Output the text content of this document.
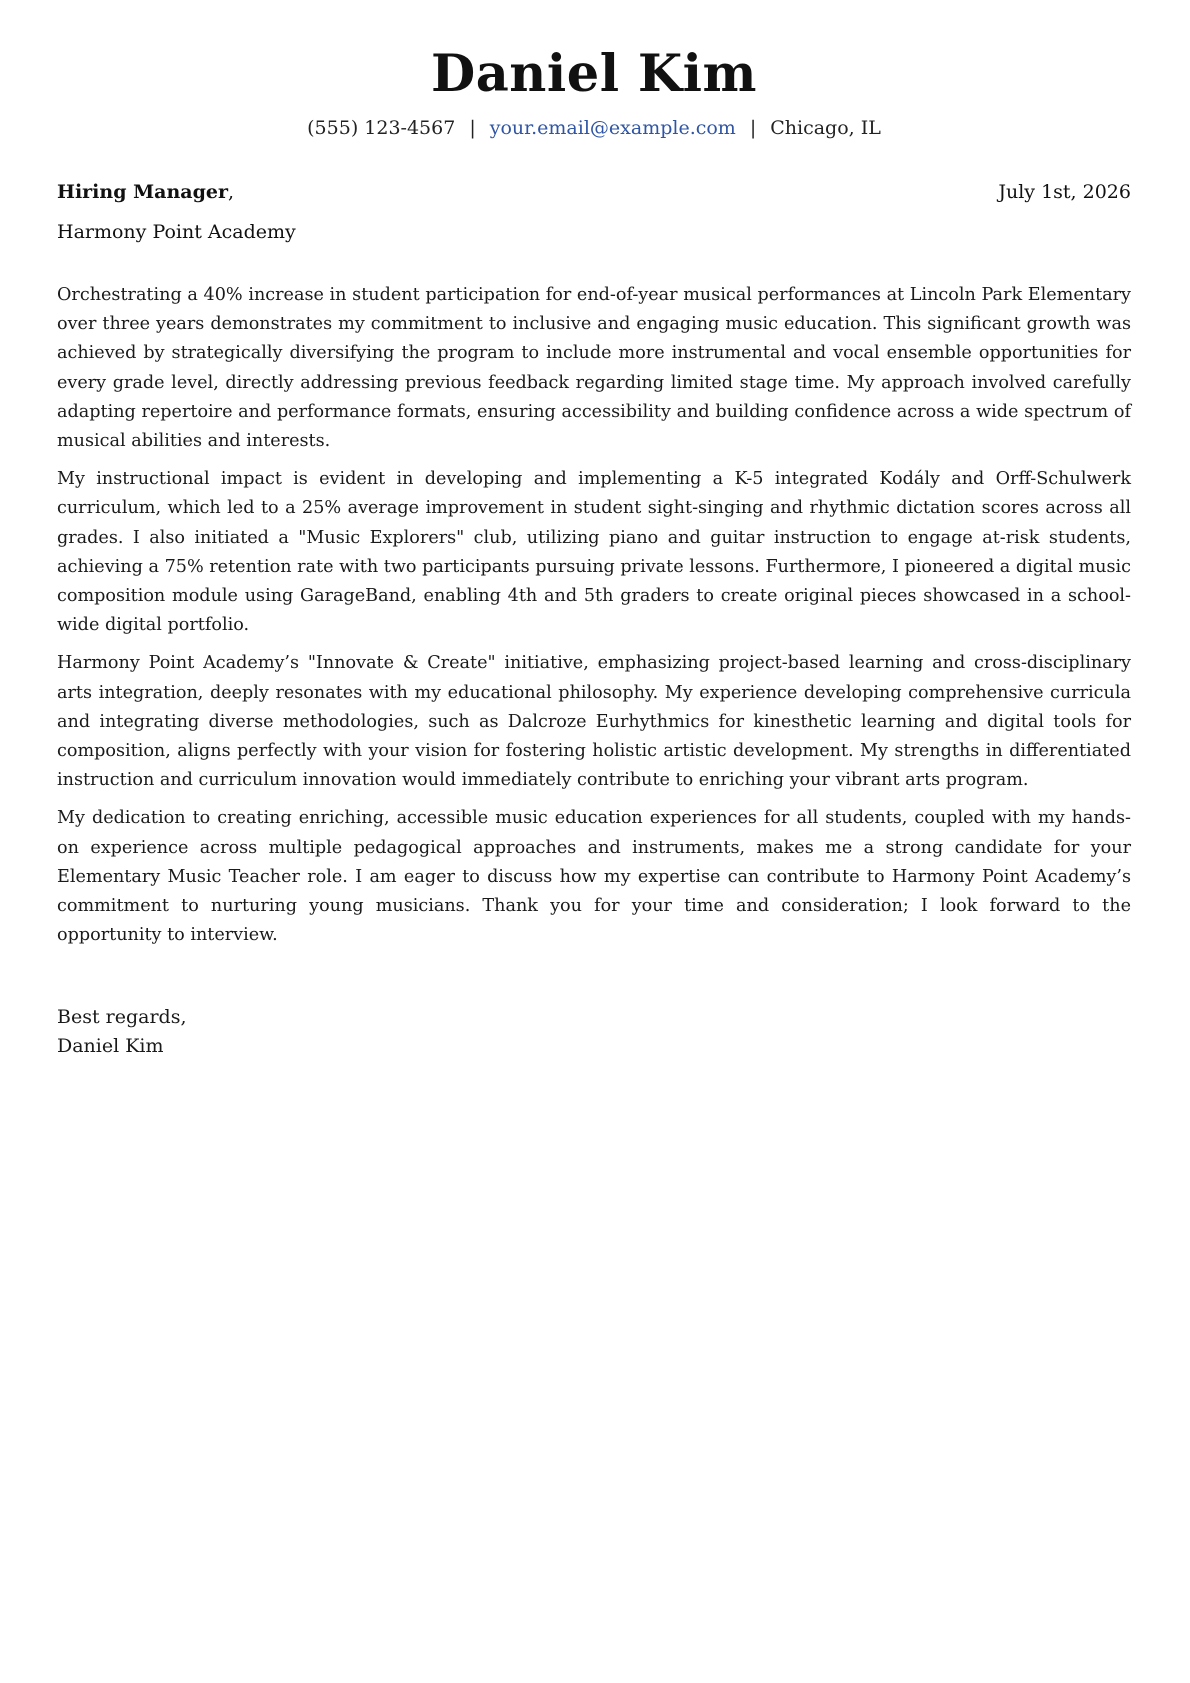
Daniel Kim
(555) 123-4567 | your.email@example.com | Chicago, IL
Hiring Manager,	July 1st, 2026
Harmony Point Academy

Orchestrating a 40% increase in student participation for end-of-year musical performances at Lincoln Park Elementary over three years demonstrates my commitment to inclusive and engaging music education. This significant growth was achieved by strategically diversifying the program to include more instrumental and vocal ensemble opportunities for every grade level, directly addressing previous feedback regarding limited stage time. My approach involved carefully adapting repertoire and performance formats, ensuring accessibility and building confidence across a wide spectrum of musical abilities and interests.

My instructional impact is evident in developing and implementing a K-5 integrated Kodály and Orff-Schulwerk curriculum, which led to a 25% average improvement in student sight-singing and rhythmic dictation scores across all grades. I also initiated a "Music Explorers" club, utilizing piano and guitar instruction to engage at-risk students, achieving a 75% retention rate with two participants pursuing private lessons. Furthermore, I pioneered a digital music composition module using GarageBand, enabling 4th and 5th graders to create original pieces showcased in a school-wide digital portfolio.

Harmony Point Academy’s "Innovate & Create" initiative, emphasizing project-based learning and cross-disciplinary arts integration, deeply resonates with my educational philosophy. My experience developing comprehensive curricula and integrating diverse methodologies, such as Dalcroze Eurhythmics for kinesthetic learning and digital tools for composition, aligns perfectly with your vision for fostering holistic artistic development. My strengths in differentiated instruction and curriculum innovation would immediately contribute to enriching your vibrant arts program.

My dedication to creating enriching, accessible music education experiences for all students, coupled with my hands-on experience across multiple pedagogical approaches and instruments, makes me a strong candidate for your Elementary Music Teacher role. I am eager to discuss how my expertise can contribute to Harmony Point Academy’s commitment to nurturing young musicians. Thank you for your time and consideration; I look forward to the opportunity to interview.

Best regards,
Daniel Kim
